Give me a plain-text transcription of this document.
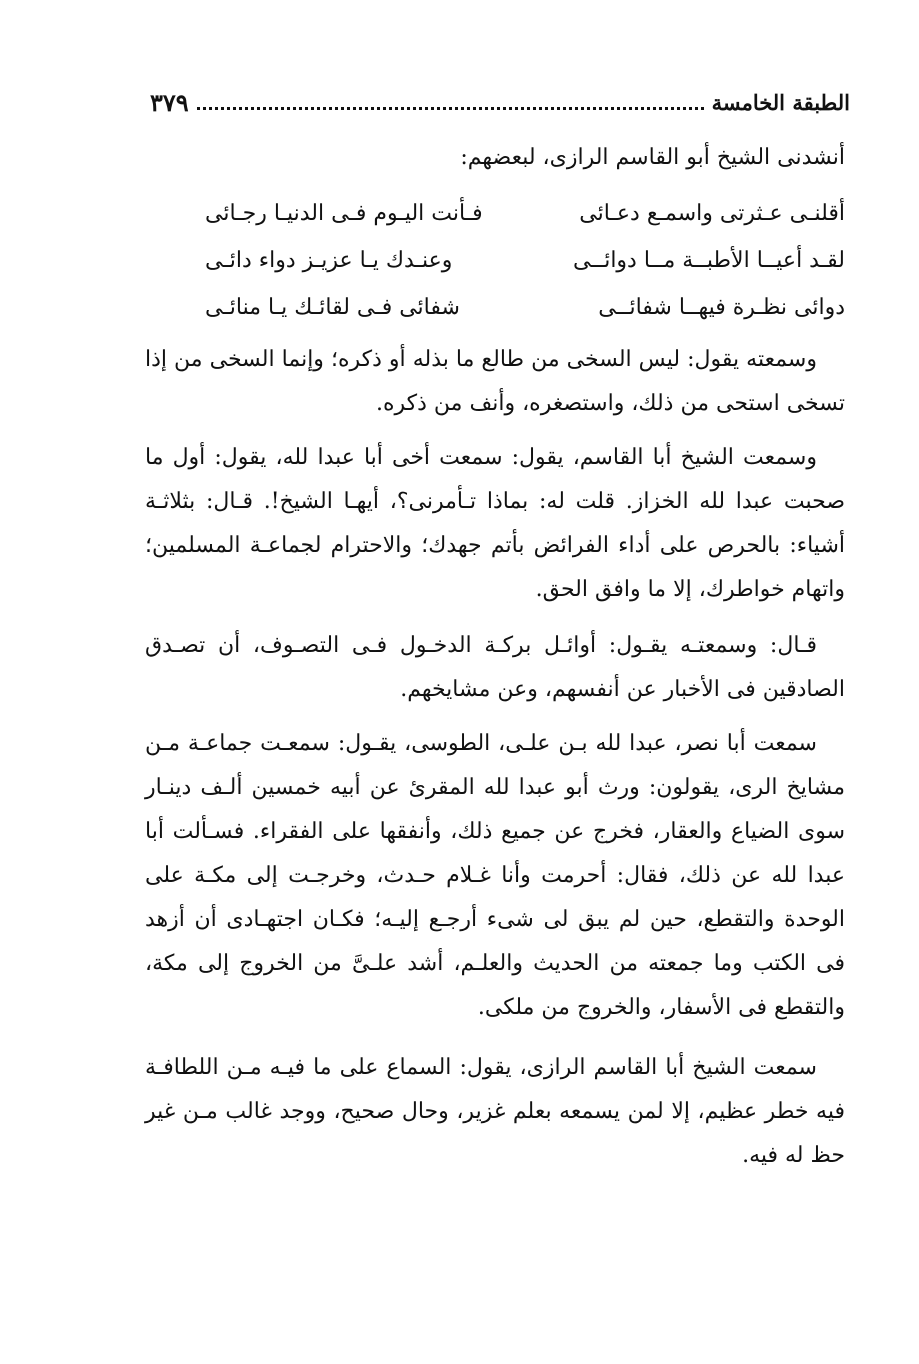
الطبقة الخامسة
٣٧٩
أنشدنى الشيخ أبو القاسم الرازى، لبعضهم:
أقلنـى عـثرتى واسمـع دعـائى
فـأنت اليـوم فـى الدنيـا رجـائى
لقـد أعيــا الأطبــة مــا دوائــى
وعنـدك يـا عزيـز دواء دائـى
دوائى نظـرة فيهــا شفائــى
شفائى فـى لقائـك يـا منائـى

وسمعته يقول: ليس السخى من طالع ما بذله أو ذكره؛ وإنما السخى من إذا تسخى استحى من ذلك، واستصغره، وأنف من ذكره.

وسمعت الشيخ أبا القاسم، يقول: سمعت أخى أبا عبدا لله، يقول: أول ما صحبت عبدا لله الخزاز. قلت له: بماذا تـأمرنى؟، أيهـا الشيخ!. قـال: بثلاثـة أشياء: بالحرص على أداء الفرائض بأتم جهدك؛ والاحترام لجماعـة المسلمين؛ واتهام خواطرك، إلا ما وافق الحق.

قـال: وسمعتـه يقـول: أوائـل بركـة الدخـول فـى التصـوف، أن تصـدق الصادقين فى الأخبار عن أنفسهم، وعن مشايخهم.

سمعت أبا نصر، عبدا لله بـن علـى، الطوسى، يقـول: سمعـت جماعـة مـن مشايخ الرى، يقولون: ورث أبو عبدا لله المقرئ عن أبيه خمسين ألـف دينـار سوى الضياع والعقار، فخرج عن جميع ذلك، وأنفقها على الفقراء. فسـألت أبا عبدا لله عن ذلك، فقال: أحرمت وأنا غـلام حـدث، وخرجـت إلى مكـة على الوحدة والتقطع، حين لم يبق لى شىء أرجـع إليـه؛ فكـان اجتهـادى أن أزهد فى الكتب وما جمعته من الحديث والعلـم، أشد علـىَّ من الخروج إلى مكة، والتقطع فى الأسفار، والخروج من ملكى.

سمعت الشيخ أبا القاسم الرازى، يقول: السماع على ما فيـه مـن اللطافـة فيه خطر عظيم، إلا لمن يسمعه بعلم غزير، وحال صحيح، ووجد غالب مـن غير حظ له فيه.
